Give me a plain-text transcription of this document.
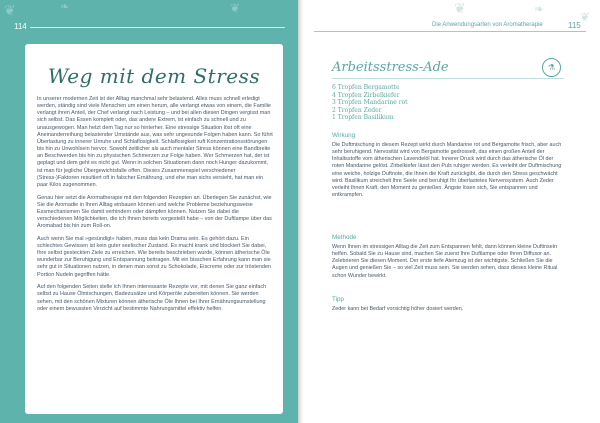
❦	❧	❦
114
Weg mit dem Stress

In unserer modernen Zeit ist der Alltag manchmal sehr belastend. Alles muss schnell erledigt werden, ständig sind viele Menschen um einen herum, alle verlangt etwas von einem, die Familie verlangt ihren Anteil, der Chef verlangt nach Leistung – und bei allen diesen Dingen vergisst man sich selbst. Das Essen komplett oder, das andere Extrem, ist einfach zu schnell und zu unausgewogen. Man hetzt dem Tag nur so hinterher. Eine stressige Situation löst oft eine Aneinanderreihung belastender Umstände aus, was sehr ungesunde Folgen haben kann. So führt Überlastung zu innerer Unruhe und Schlaflosigkeit. Schlaflosigkeit ruft Konzentrationsstörungen bis hin zu Unwohlsein hervor. Sowohl zeitlicher als auch mentaler Stress können eine Bandbreite an Beschwerden bis hin zu physischen Schmerzen zur Folge haben. Wer Schmerzen hat, der ist geplagt und dem geht es nicht gut. Wenn in solchen Situationen dann noch Hunger dazukommt, ist man für jegliche Übergewichtsfalle offen. Dieses Zusammenspiel verschiedener (Stress-)Faktoren resultiert oft in falscher Ernährung, und ehe man sichs versieht, hat man ein paar Kilos zugenommen.

Genau hier setzt die Aromatherapie mit den folgenden Rezepten an. Überlegen Sie zunächst, wie Sie die Aromadie in Ihren Alltag einbauen können und welche Probleme beziehungsweise Essmechanismen Sie damit verhindern oder dämpfen können. Nutzen Sie dabei die verschiedenen Möglichkeiten, die ich Ihnen bereits vorgestellt habe – von der Duftlampe über das Aromabad bis hin zum Roll-on.

Auch wenn Sie mal »gesündigt« haben, muss das kein Drama sein. Es gehört dazu. Ein schlechtes Gewissen ist kein guter seelischer Zustand. Es macht krank und blockiert Sie dabei, Ihre selbst gesteckten Ziele zu erreichen. Wie bereits beschrieben wurde, können ätherische Öle wunderbar zur Beruhigung und Entspannung beitragen. Mit ein bisschen Erfahrung kann man sie sehr gut in Situationen nutzen, in denen man sonst zu Schokolade, Eiscreme oder zur tröstenden Portion Nudeln gegriffen hätte.

Auf den folgenden Seiten stelle ich Ihnen interessante Rezepte vor, mit denen Sie ganz einfach selbst zu Hause Ölmischungen, Badezusätze und Körperöle zubereiten können. Sie werden sehen, mit den schönen Mixturen können ätherische Öle Ihnen bei Ihrer Ernährungsumstellung oder einem bewussten Verzicht auf bestimmte Nahrungsmittel effektiv helfen.

❦	❧
❦
Die Anwendungsarten von Aromatherapie	115
Arbeitsstress-Ade	⚗
6 Tropfen Bergamotte
4 Tropfen Zirbelkiefer
3 Tropfen Mandarine rot
2 Tropfen Zeder
1 Tropfen Basilikum
Wirkung
Die Duftmischung in diesem Rezept wirkt durch Mandarine rot und Bergamotte frisch, aber auch sehr beruhigend. Nervosität wird von Bergamotte gedrosselt, das einen großen Anteil der Inhaltsstoffe vom ätherischen Lavendelöl hat. Innerer Druck wird durch das ätherische Öl der roten Mandarine gelöst. Zirbelkiefer lässt den Puls ruhiger werden. Es verleiht der Duftmischung eine weiche, holzige Duftnote, die Ihnen die Kraft zurückgibt, die durch den Stress geschwächt wird. Basilikum streichelt Ihre Seele und beruhigt Ihr überlastetes Nervensystem. Auch Zeder verleiht Ihnen Kraft, den Moment zu genießen. Ängste lösen sich, Sie entspannen und entkrampfen.
Methode
Wenn Ihnen im stressigen Alltag die Zeit zum Entspannen fehlt, dann können kleine Duftinseln helfen. Sobald Sie zu Hause sind, machen Sie zuerst Ihre Duftlampe oder Ihren Diffusor an. Zelebrieren Sie diesen Moment. Der erste tiefe Atemzug ist der wichtigste. Schließen Sie die Augen und genießen Sie – so viel Zeit muss sein. Sie werden sehen, dass dieses kleine Ritual schon Wunder bewirkt.
Tipp
Zeder kann bei Bedarf vorsichtig höher dosiert werden.
